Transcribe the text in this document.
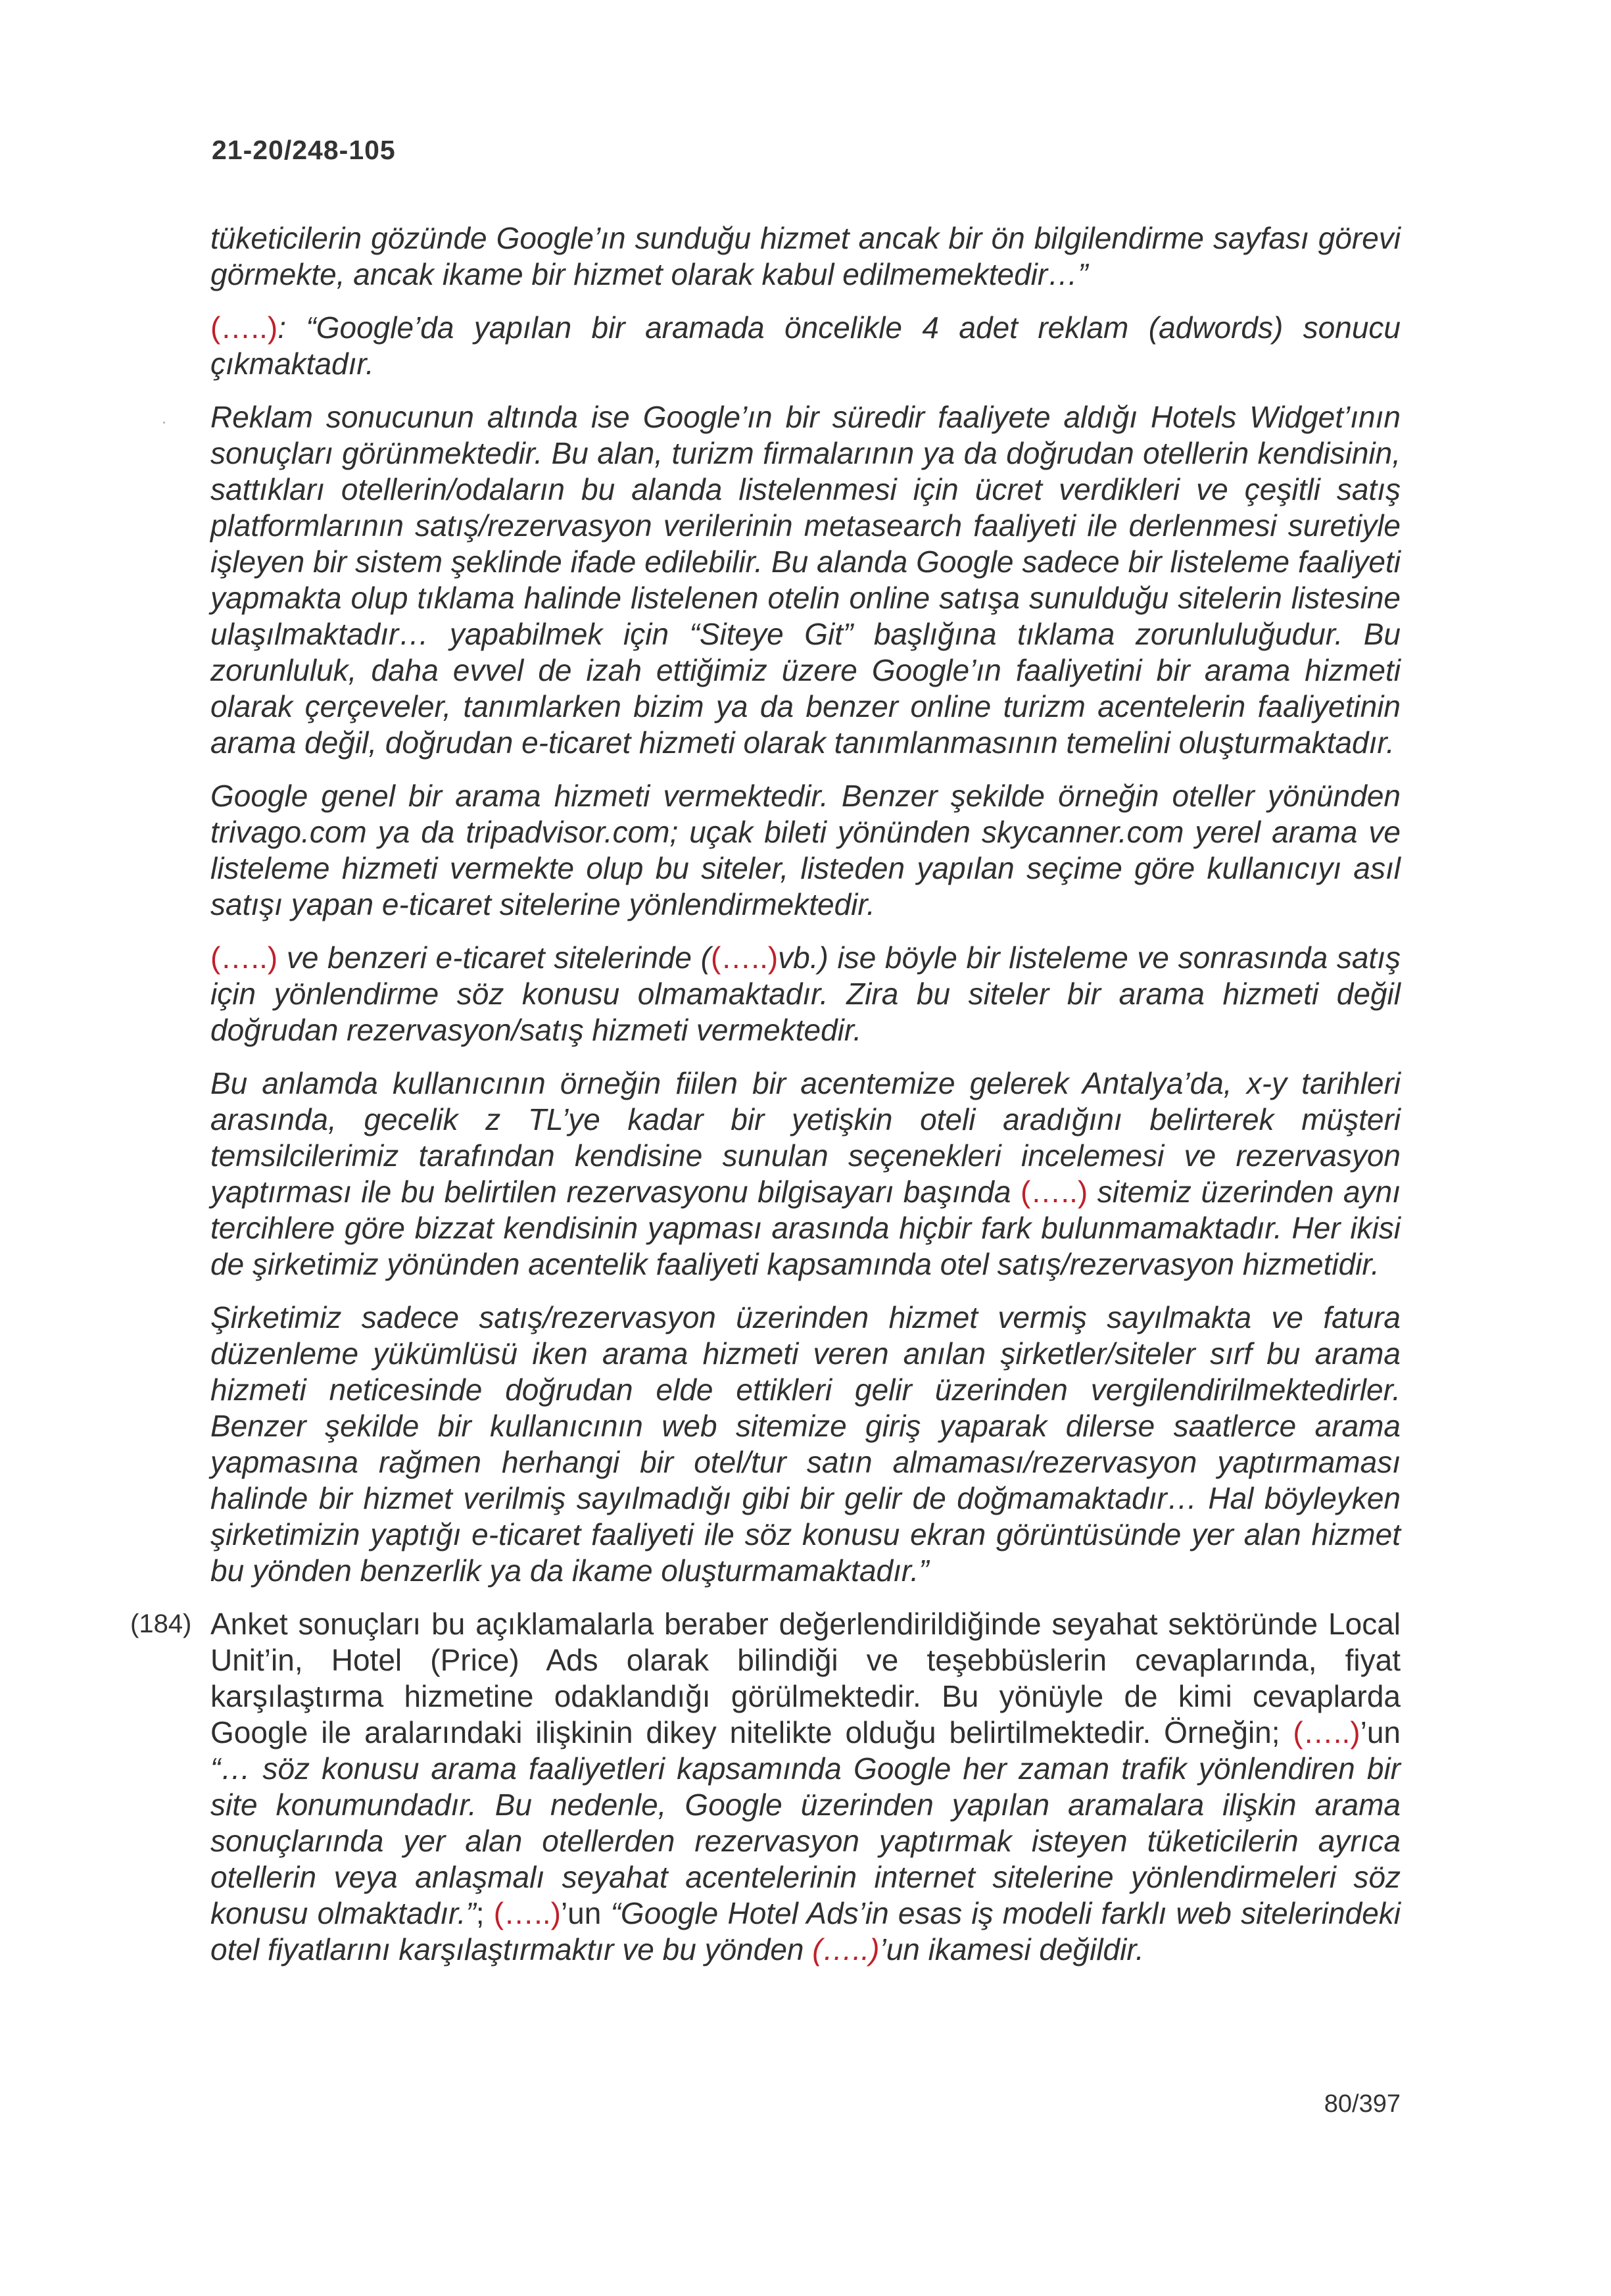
21-20/248-105
tüketicilerin gözünde Google’ın sunduğu hizmet ancak bir ön bilgilendirme sayfası görevi görmekte, ancak ikame bir hizmet olarak kabul edilmemektedir…”
(…..): “Google’da yapılan bir aramada öncelikle 4 adet reklam (adwords) sonucu çıkmaktadır.
Reklam sonucunun altında ise Google’ın bir süredir faaliyete aldığı Hotels Widget’ının sonuçları görünmektedir. Bu alan, turizm firmalarının ya da doğrudan otellerin kendisinin, sattıkları otellerin/odaların bu alanda listelenmesi için ücret verdikleri ve çeşitli satış platformlarının satış/rezervasyon verilerinin metasearch faaliyeti ile derlenmesi suretiyle işleyen bir sistem şeklinde ifade edilebilir. Bu alanda Google sadece bir listeleme faaliyeti yapmakta olup tıklama halinde listelenen otelin online satışa sunulduğu sitelerin listesine ulaşılmaktadır… yapabilmek için “Siteye Git” başlığına tıklama zorunluluğudur. Bu zorunluluk, daha evvel de izah ettiğimiz üzere Google’ın faaliyetini bir arama hizmeti olarak çerçeveler, tanımlarken bizim ya da benzer online turizm acentelerin faaliyetinin arama değil, doğrudan e-ticaret hizmeti olarak tanımlanmasının temelini oluşturmaktadır.
Google genel bir arama hizmeti vermektedir. Benzer şekilde örneğin oteller yönünden trivago.com ya da tripadvisor.com; uçak bileti yönünden skycanner.com yerel arama ve listeleme hizmeti vermekte olup bu siteler, listeden yapılan seçime göre kullanıcıyı asıl satışı yapan e-ticaret sitelerine yönlendirmektedir.
(…..) ve benzeri e-ticaret sitelerinde ((…..)vb.) ise böyle bir listeleme ve sonrasında satış için yönlendirme söz konusu olmamaktadır. Zira bu siteler bir arama hizmeti değil doğrudan rezervasyon/satış hizmeti vermektedir.
Bu anlamda kullanıcının örneğin fiilen bir acentemize gelerek Antalya’da, x-y tarihleri arasında, gecelik z TL’ye kadar bir yetişkin oteli aradığını belirterek müşteri temsilcilerimiz tarafından kendisine sunulan seçenekleri incelemesi ve rezervasyon yaptırması ile bu belirtilen rezervasyonu bilgisayarı başında (…..) sitemiz üzerinden aynı tercihlere göre bizzat kendisinin yapması arasında hiçbir fark bulunmamaktadır. Her ikisi de şirketimiz yönünden acentelik faaliyeti kapsamında otel satış/rezervasyon hizmetidir.
Şirketimiz sadece satış/rezervasyon üzerinden hizmet vermiş sayılmakta ve fatura düzenleme yükümlüsü iken arama hizmeti veren anılan şirketler/siteler sırf bu arama hizmeti neticesinde doğrudan elde ettikleri gelir üzerinden vergilendirilmektedirler. Benzer şekilde bir kullanıcının web sitemize giriş yaparak dilerse saatlerce arama yapmasına rağmen herhangi bir otel/tur satın almaması/rezervasyon yaptırmaması halinde bir hizmet verilmiş sayılmadığı gibi bir gelir de doğmamaktadır… Hal böyleyken şirketimizin yaptığı e-ticaret faaliyeti ile söz konusu ekran görüntüsünde yer alan hizmet bu yönden benzerlik ya da ikame oluşturmamaktadır.”
(184) Anket sonuçları bu açıklamalarla beraber değerlendirildiğinde seyahat sektöründe Local Unit’in, Hotel (Price) Ads olarak bilindiği ve teşebbüslerin cevaplarında, fiyat karşılaştırma hizmetine odaklandığı görülmektedir. Bu yönüyle de kimi cevaplarda Google ile aralarındaki ilişkinin dikey nitelikte olduğu belirtilmektedir. Örneğin; (…..)’un “… söz konusu arama faaliyetleri kapsamında Google her zaman trafik yönlendiren bir site konumundadır. Bu nedenle, Google üzerinden yapılan aramalara ilişkin arama sonuçlarında yer alan otellerden rezervasyon yaptırmak isteyen tüketicilerin ayrıca otellerin veya anlaşmalı seyahat acentelerinin internet sitelerine yönlendirmeleri söz konusu olmaktadır.”; (…..)’un “Google Hotel Ads’in esas iş modeli farklı web sitelerindeki otel fiyatlarını karşılaştırmaktır ve bu yönden (…..)’un ikamesi değildir.
80/397
